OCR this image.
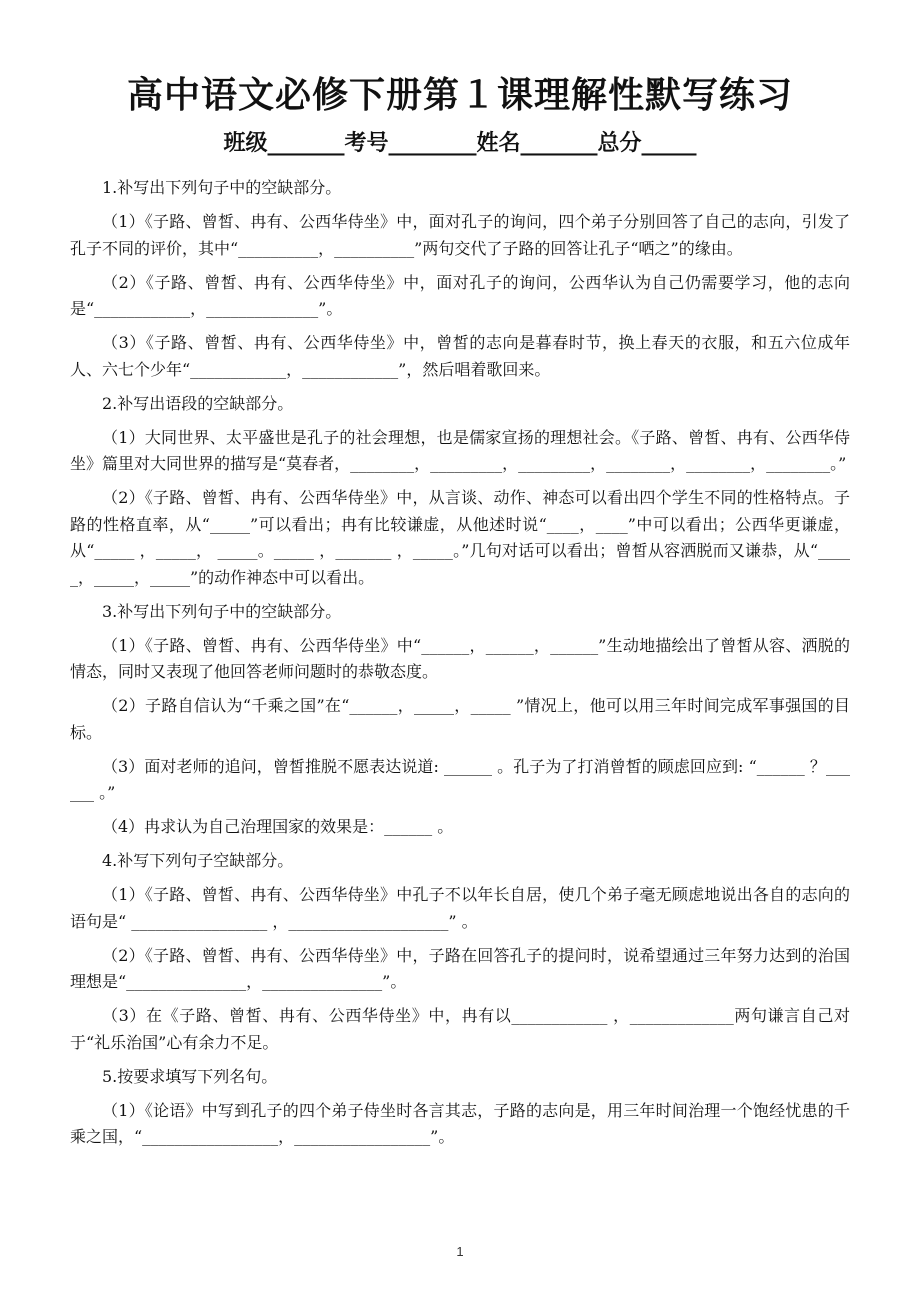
高中语文必修下册第１课理解性默写练习
班级_______考号________姓名_______总分_____

1.补写出下列句子中的空缺部分。

（1）《子路、曾皙、冉有、公西华侍坐》中，面对孔子的询问，四个弟子分别回答了自己的志向，引发了孔子不同的评价，其中“__________，__________”两句交代了子路的回答让孔子“哂之”的缘由。

（2）《子路、曾皙、冉有、公西华侍坐》中，面对孔子的询问，公西华认为自己仍需要学习，他的志向是“____________，______________”。

（3）《子路、曾皙、冉有、公西华侍坐》中，曾皙的志向是暮春时节，换上春天的衣服，和五六位成年人、六七个少年“____________，____________”，然后唱着歌回来。

2.补写出语段的空缺部分。

（1）大同世界、太平盛世是孔子的社会理想，也是儒家宣扬的理想社会。《子路、曾皙、冉有、公西华侍坐》篇里对大同世界的描写是“莫春者，________，_________，_________，________，________，________。”

（2）《子路、曾皙、冉有、公西华侍坐》中，从言谈、动作、神态可以看出四个学生不同的性格特点。子路的性格直率，从“_____”可以看出；冉有比较谦虚，从他述时说“____，____”中可以看出；公西华更谦虚，从“_____ ，_____， _____。_____ ，_______ ，_____。”几句对话可以看出；曾皙从容洒脱而又谦恭，从“_____，_____，_____”的动作神态中可以看出。

3.补写出下列句子中的空缺部分。

（1）《子路、曾皙、冉有、公西华侍坐》中“______，______，______”生动地描绘出了曾皙从容、洒脱的情态，同时又表现了他回答老师问题时的恭敬态度。

（2）子路自信认为“千乘之国”在“______，_____，_____ ”情况上，他可以用三年时间完成军事强国的目标。

（3）面对老师的追问，曾皙推脱不愿表达说道: ______ 。孔子为了打消曾皙的顾虑回应到: “______ ？______ 。”

（4）冉求认为自己治理国家的效果是：______ 。

4.补写下列句子空缺部分。

（1）《子路、曾皙、冉有、公西华侍坐》中孔子不以年长自居，使几个弟子毫无顾虑地说出各自的志向的语句是“ _________________ ，____________________” 。

（2）《子路、曾皙、冉有、公西华侍坐》中，子路在回答孔子的提问时，说希望通过三年努力达到的治国理想是“_______________，_______________”。

（3）在《子路、曾皙、冉有、公西华侍坐》中，冉有以____________ ，_____________两句谦言自己对于“礼乐治国”心有余力不足。

5.按要求填写下列名句。

（1）《论语》中写到孔子的四个弟子侍坐时各言其志，子路的志向是，用三年时间治理一个饱经忧患的千乘之国，“_________________，_________________”。

1
